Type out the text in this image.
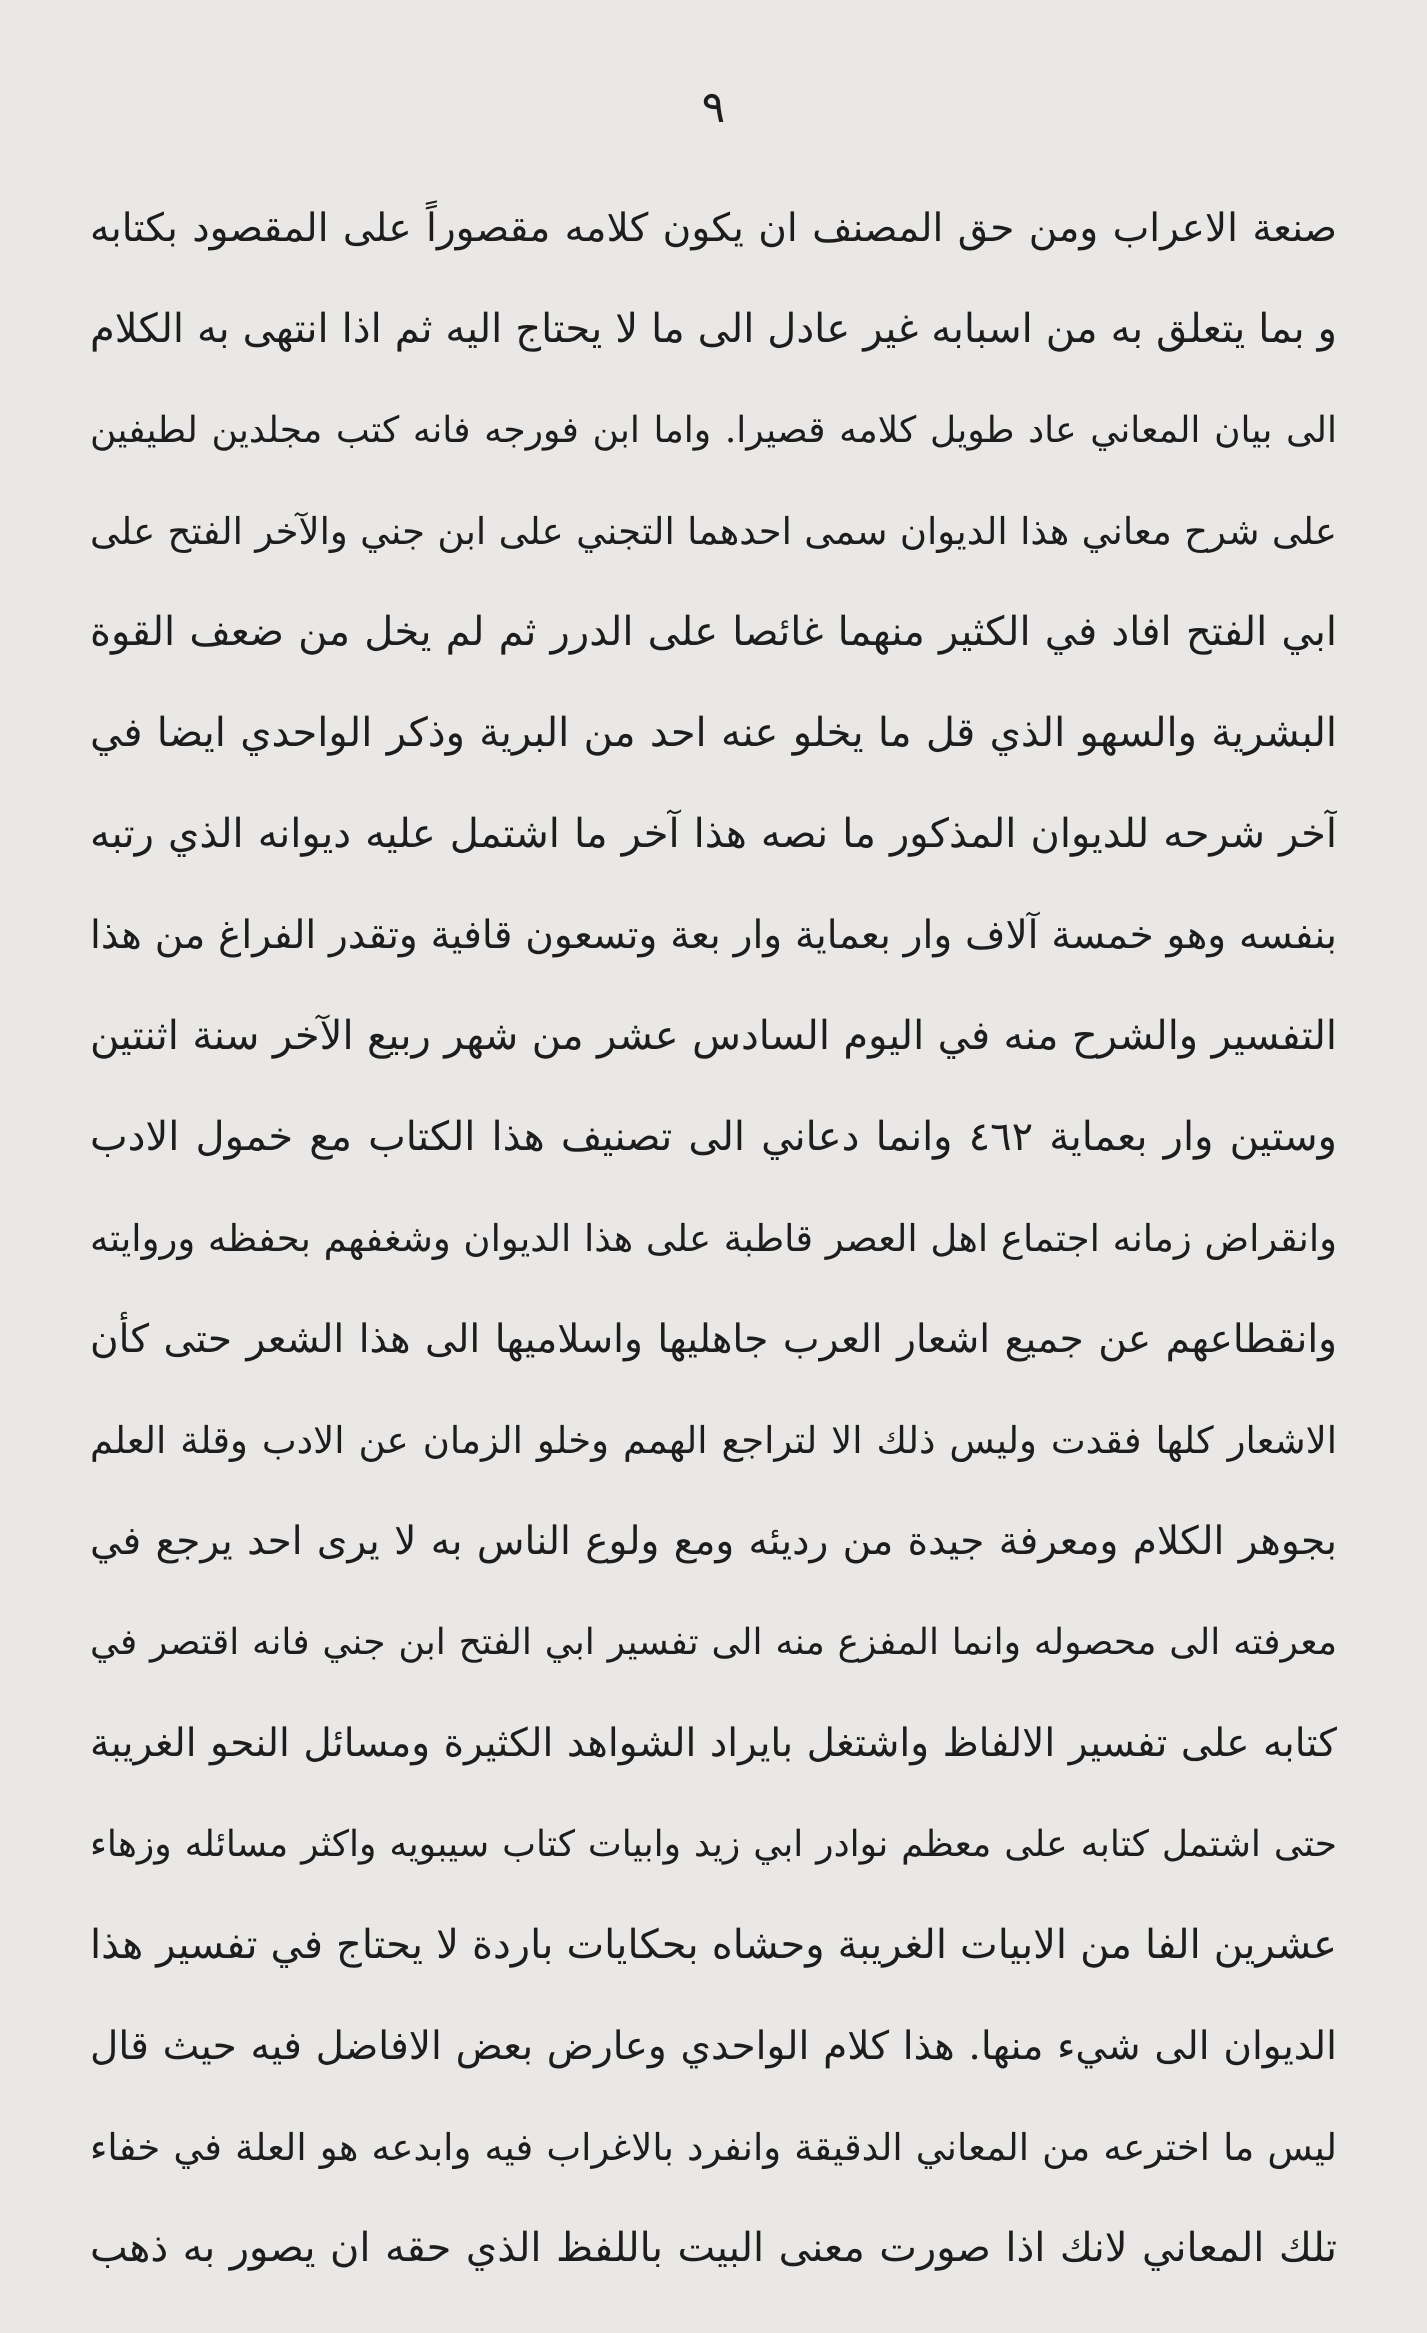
٩
صنعة الاعراب ومن حق المصنف ان يكون كلامه مقصوراً على المقصود بكتابه
و بما يتعلق به من اسبابه غير عادل الى ما لا يحتاج اليه ثم اذا انتهى به الكلام
الى بيان المعاني عاد طويل كلامه قصيرا. واما ابن فورجه فانه كتب مجلدين لطيفين
على شرح معاني هذا الديوان سمى احدهما التجني على ابن جني والآخر الفتح على
ابي الفتح افاد في الكثير منهما غائصا على الدرر ثم لم يخل من ضعف القوة
البشرية والسهو الذي قل ما يخلو عنه احد من البرية وذكر الواحدي ايضا في
آخر شرحه للديوان المذكور ما نصه هذا آخر ما اشتمل عليه ديوانه الذي رتبه
بنفسه وهو خمسة آلاف وار بعماية وار بعة وتسعون قافية وتقدر الفراغ من هذا
التفسير والشرح منه في اليوم السادس عشر من شهر ربيع الآخر سنة اثنتين
وستين وار بعماية ٤٦٢ وانما دعاني الى تصنيف هذا الكتاب مع خمول الادب
وانقراض زمانه اجتماع اهل العصر قاطبة على هذا الديوان وشغفهم بحفظه وروايته
وانقطاعهم عن جميع اشعار العرب جاهليها واسلاميها الى هذا الشعر حتى كأن
الاشعار كلها فقدت وليس ذلك الا لتراجع الهمم وخلو الزمان عن الادب وقلة العلم
بجوهر الكلام ومعرفة جيدة من رديئه ومع ولوع الناس به لا يرى احد يرجع في
معرفته الى محصوله وانما المفزع منه الى تفسير ابي الفتح ابن جني فانه اقتصر في
كتابه على تفسير الالفاظ واشتغل بايراد الشواهد الكثيرة ومسائل النحو الغريبة
حتى اشتمل كتابه على معظم نوادر ابي زيد وابيات كتاب سيبويه واكثر مسائله وزهاء
عشرين الفا من الابيات الغريبة وحشاه بحكايات باردة لا يحتاج في تفسير هذا
الديوان الى شيء منها. هذا كلام الواحدي وعارض بعض الافاضل فيه حيث قال
ليس ما اخترعه من المعاني الدقيقة وانفرد بالاغراب فيه وابدعه هو العلة في خفاء
تلك المعاني لانك اذا صورت معنى البيت باللفظ الذي حقه ان يصور به ذهب
